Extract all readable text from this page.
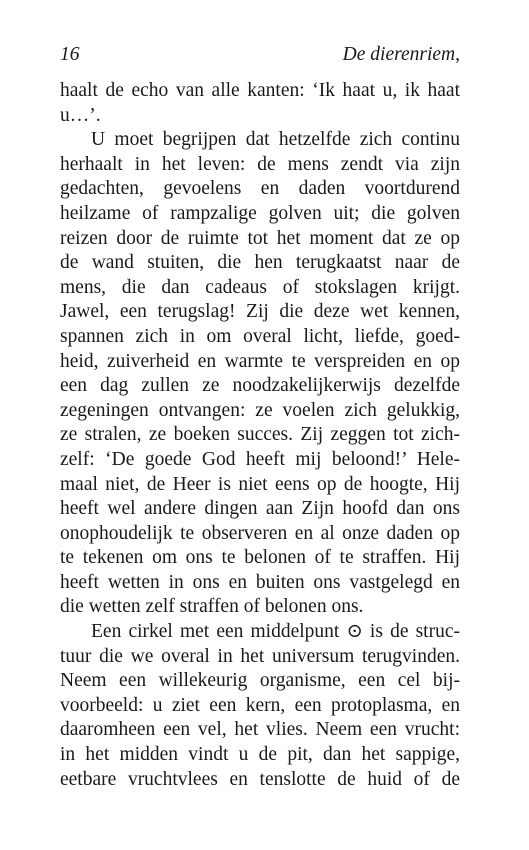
16	De dierenriem,

haalt de echo van alle kanten: ‘Ik haat u, ik haat
u…’.

U moet begrijpen dat hetzelfde zich continu
herhaalt in het leven: de mens zendt via zijn
gedachten, gevoelens en daden voortdurend
heilzame of rampzalige golven uit; die golven
reizen door de ruimte tot het moment dat ze op
de wand stuiten, die hen terugkaatst naar de
mens, die dan cadeaus of stokslagen krijgt.
Jawel, een terugslag! Zij die deze wet kennen,
spannen zich in om overal licht, liefde, goed-
heid, zuiverheid en warmte te verspreiden en op
een dag zullen ze noodzakelijkerwijs dezelfde
zegeningen ontvangen: ze voelen zich gelukkig,
ze stralen, ze boeken succes. Zij zeggen tot zich-
zelf: ‘De goede God heeft mij beloond!’ Hele-
maal niet, de Heer is niet eens op de hoogte, Hij
heeft wel andere dingen aan Zijn hoofd dan ons
onophoudelijk te observeren en al onze daden op
te tekenen om ons te belonen of te straffen. Hij
heeft wetten in ons en buiten ons vastgelegd en
die wetten zelf straffen of belonen ons.

Een cirkel met een middelpunt ⊙ is de struc-
tuur die we overal in het universum terugvinden.
Neem een willekeurig organisme, een cel bij-
voorbeeld: u ziet een kern, een protoplasma, en
daaromheen een vel, het vlies. Neem een vrucht:
in het midden vindt u de pit, dan het sappige,
eetbare vruchtvlees en tenslotte de huid of de
